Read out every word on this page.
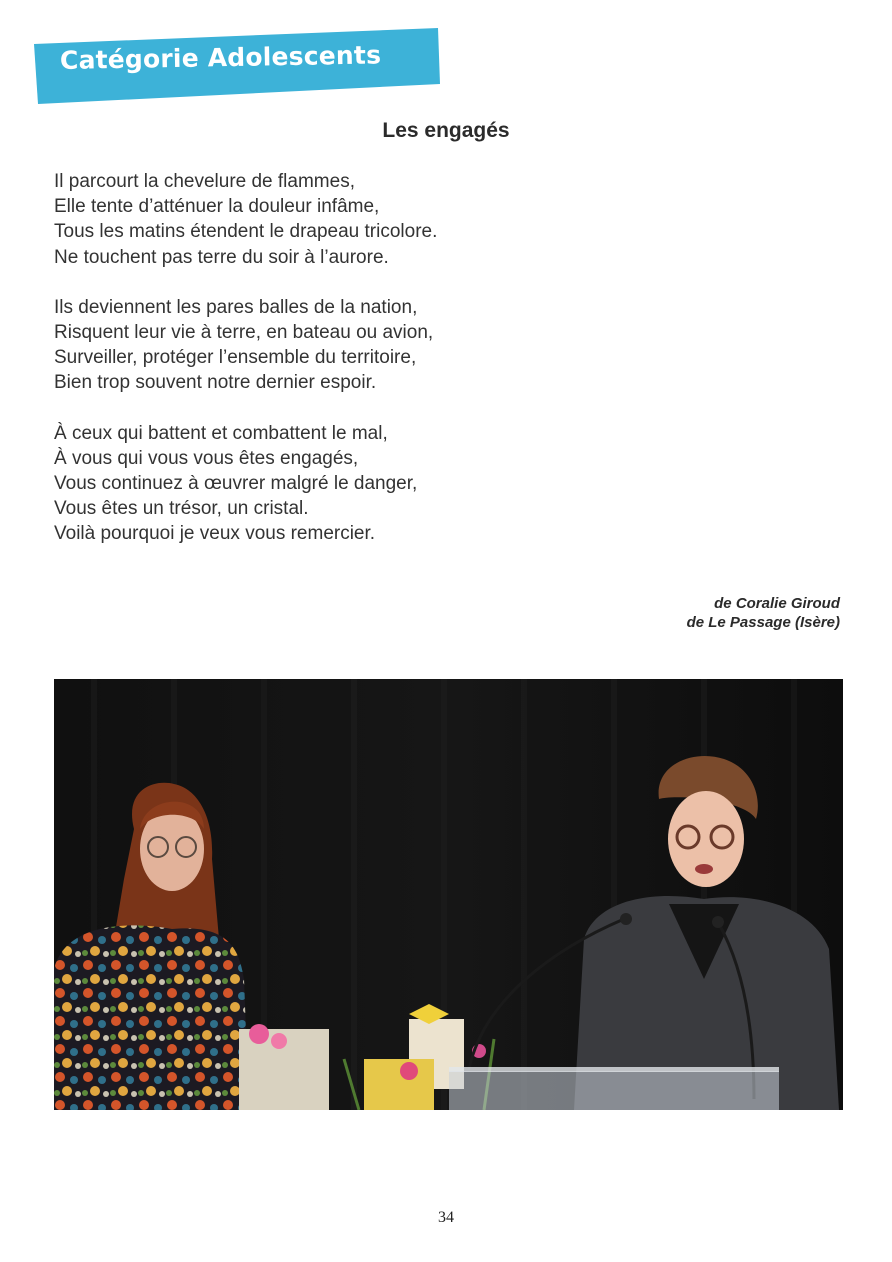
Catégorie Adolescents
Les engagés
Il parcourt la chevelure de flammes,
Elle tente d’atténuer la douleur infâme,
Tous les matins étendent le drapeau tricolore.
Ne touchent pas terre du soir à l’aurore.
Ils deviennent les pares balles de la nation,
Risquent leur vie à terre, en bateau ou avion,
Surveiller, protéger l’ensemble du territoire,
Bien trop souvent notre dernier espoir.
À ceux qui battent et combattent le mal,
À vous qui vous vous êtes engagés,
Vous continuez à œuvrer malgré le danger,
Vous êtes un trésor, un cristal.
Voilà pourquoi je veux vous remercier.
de Coralie Giroud
de Le Passage (Isère)
34
